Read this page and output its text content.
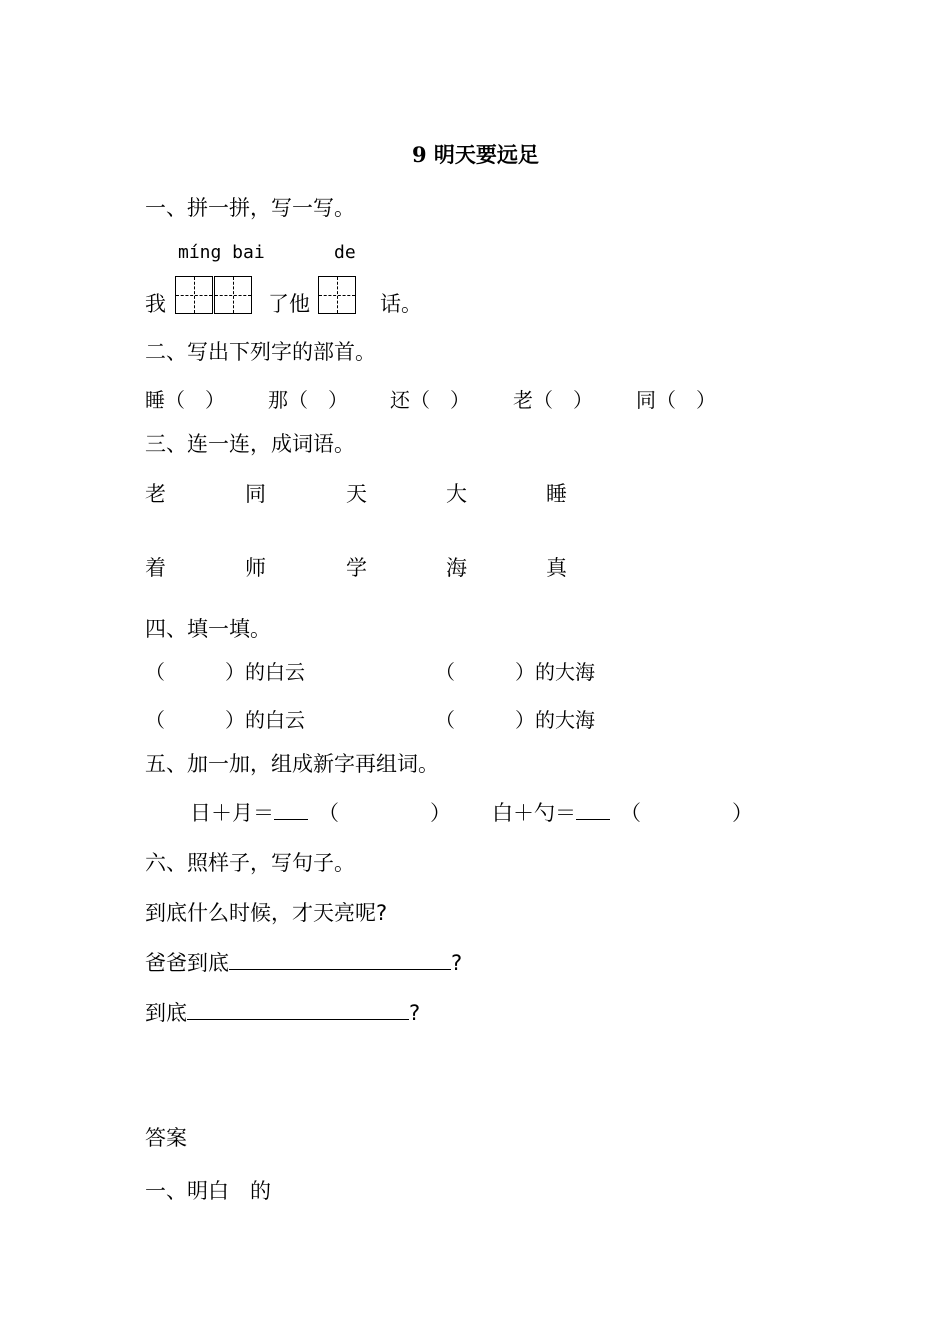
9 明天要远足
一、拼一拼，写一写。
míng bai	de
我	了他	话。
二、写出下列字的部首。
睡（　） 那（　） 还（　） 老（　） 同（　）
三、连一连，成词语。
老	同	天	大	睡
着	师	学	海	真
四、填一填。
（　　　）的白云	（　　　）的大海
（　　　）的白云	（　　　）的大海
五、加一加，组成新字再组词。
日＋月＝	（	） 白＋勺＝	（	）
六、照样子，写句子。
到底什么时候，才天亮呢?
爸爸到底	?
到底	?
答案
一、明白　的
